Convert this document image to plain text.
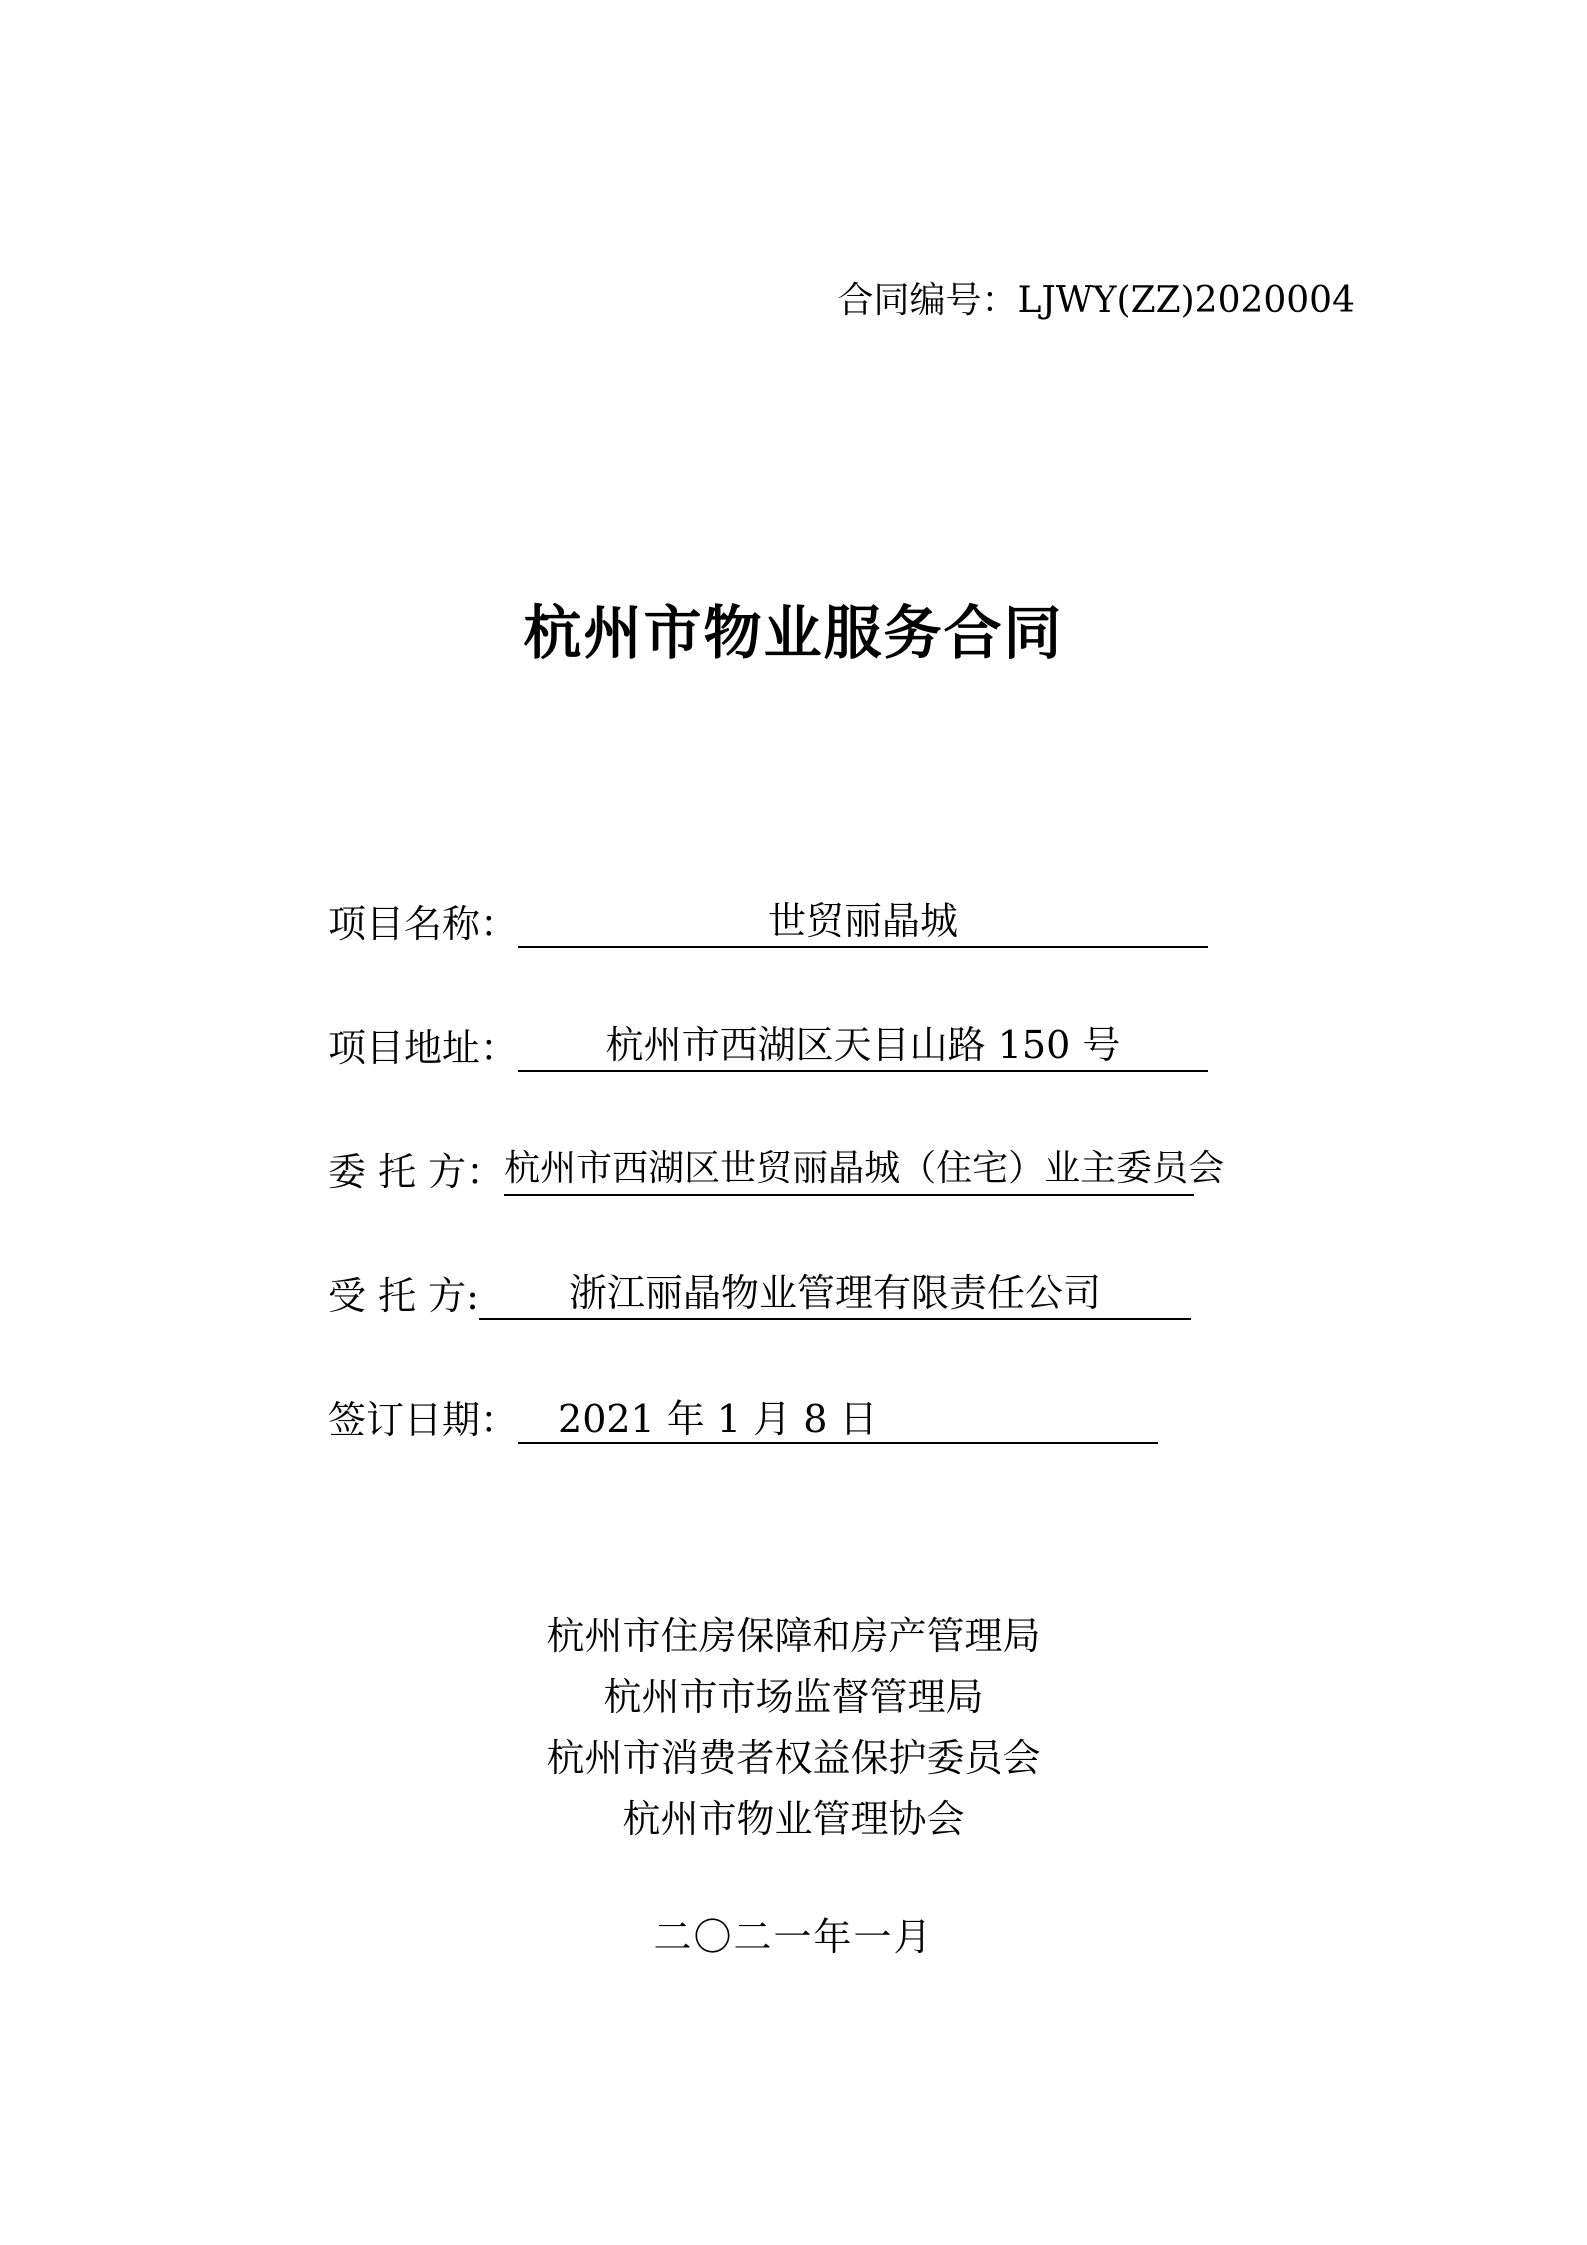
合同编号：LJWY(ZZ)2020004
杭州市物业服务合同
项目名称：	世贸丽晶城
项目地址：	杭州市西湖区天目山路 150 号
委 托 方： 杭州市西湖区世贸丽晶城（住宅）业主委员会
受 托 方:	浙江丽晶物业管理有限责任公司
签订日期：	2021 年 1 月 8 日
杭州市住房保障和房产管理局
杭州市市场监督管理局
杭州市消费者权益保护委员会
杭州市物业管理协会
二〇二一年一月
